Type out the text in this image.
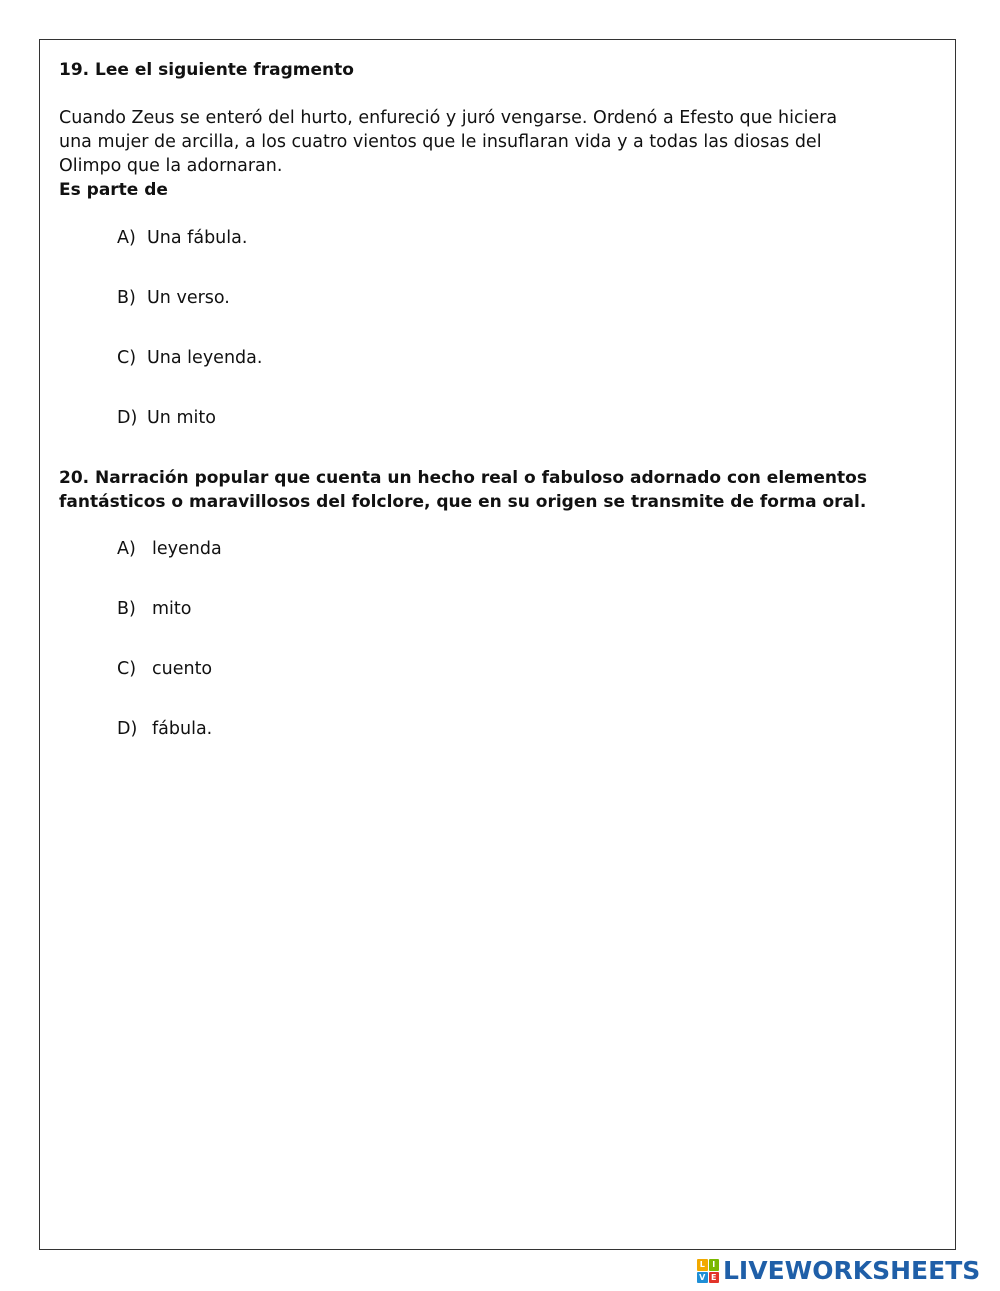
19. Lee el siguiente fragmento

Cuando Zeus se enteró del hurto, enfureció y juró vengarse. Ordenó a Efesto que hiciera
una mujer de arcilla, a los cuatro vientos que le insuflaran vida y a todas las diosas del
Olimpo que la adornaran.

Es parte de

A) Una fábula.
B) Un verso.
C) Una leyenda.
D) Un mito

20. Narración popular que cuenta un hecho real o fabuloso adornado con elementos fantásticos o maravillosos del folclore, que en su origen se transmite de forma oral.

A) leyenda
B) mito
C) cuento
D) fábula.
L I
V E LIVEWORKSHEETS
